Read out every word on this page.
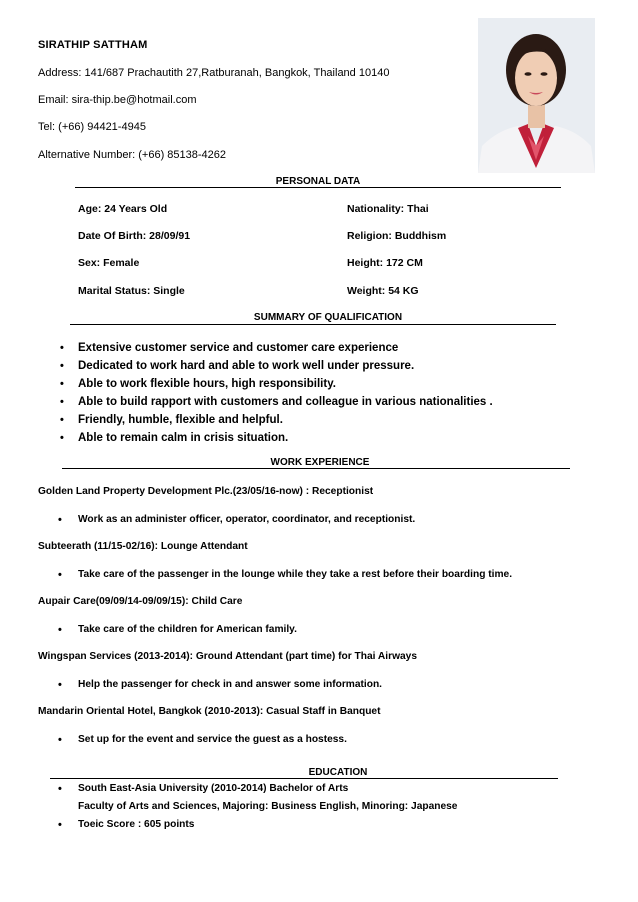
SIRATHIP SATTHAM
Address: 141/687 Prachautith 27,Ratburanah, Bangkok, Thailand 10140
Email: sira-thip.be@hotmail.com
Tel: (+66) 94421-4945
Alternative Number: (+66) 85138-4262
PERSONAL DATA
Age: 24 Years Old
Date Of Birth: 28/09/91
Sex: Female
Marital Status: Single
Nationality: Thai
Religion: Buddhism
Height: 172 CM
Weight: 54 KG
SUMMARY OF QUALIFICATION
• Extensive customer service and customer care experience
• Dedicated to work hard and able to work well under pressure.
• Able to work flexible hours, high responsibility.
• Able to build rapport with customers and colleague in various nationalities .
• Friendly, humble, flexible and helpful.
• Able to remain calm in crisis situation.
WORK EXPERIENCE
Golden Land Property Development Plc.(23/05/16-now) : Receptionist
• Work as an administer officer, operator, coordinator, and receptionist.
Subteerath (11/15-02/16): Lounge Attendant
• Take care of the passenger in the lounge while they take a rest before their boarding time.
Aupair Care(09/09/14-09/09/15): Child Care
• Take care of the children for American family.
Wingspan Services (2013-2014): Ground Attendant (part time) for Thai Airways
• Help the passenger for check in and answer some information.
Mandarin Oriental Hotel, Bangkok (2010-2013): Casual Staff in Banquet
• Set up for the event and service the guest as a hostess.
EDUCATION
• South East-Asia University (2010-2014) Bachelor of Arts
Faculty of Arts and Sciences, Majoring: Business English, Minoring: Japanese
• Toeic Score : 605 points
